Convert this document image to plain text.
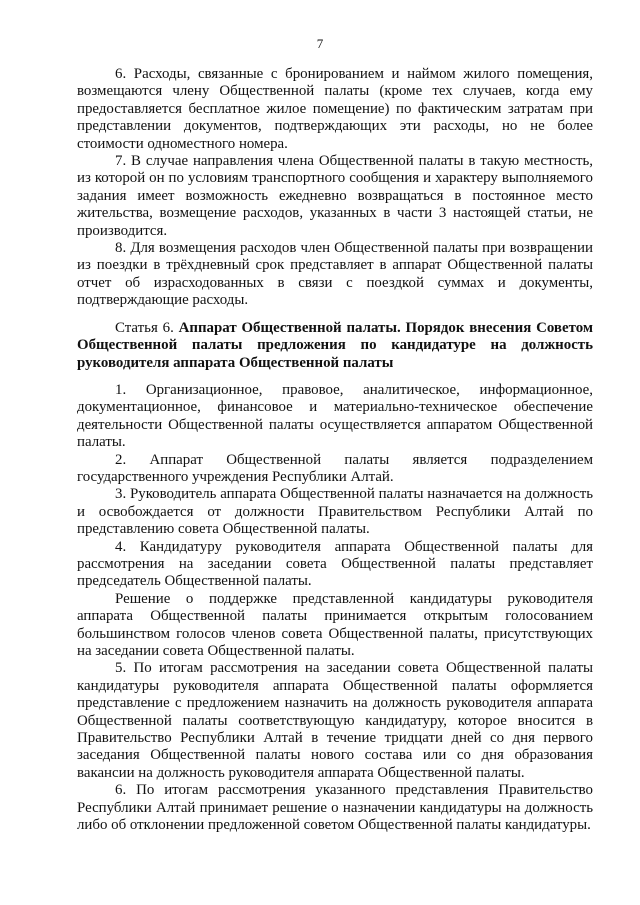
7

6. Расходы, связанные с бронированием и наймом жилого помещения, возмещаются члену Общественной палаты (кроме тех случаев, когда ему предоставляется бесплатное жилое помещение) по фактическим затратам при представлении документов, подтверждающих эти расходы, но не более стоимости одноместного номера.

7. В случае направления члена Общественной палаты в такую местность, из которой он по условиям транспортного сообщения и характеру выполняемого задания имеет возможность ежедневно возвращаться в постоянное место жительства, возмещение расходов, указанных в части 3 настоящей статьи, не производится.

8. Для возмещения расходов член Общественной палаты при возвращении из поездки в трёхдневный срок представляет в аппарат Общественной палаты отчет об израсходованных в связи с поездкой суммах и документы, подтверждающие расходы.

Статья 6. Аппарат Общественной палаты. Порядок внесения Советом Общественной палаты предложения по кандидатуре на должность руководителя аппарата Общественной палаты

1. Организационное, правовое, аналитическое, информационное, документационное, финансовое и материально-техническое обеспечение деятельности Общественной палаты осуществляется аппаратом Общественной палаты.

2. Аппарат Общественной палаты является подразделением государственного учреждения Республики Алтай.

3. Руководитель аппарата Общественной палаты назначается на должность и освобождается от должности Правительством Республики Алтай по представлению совета Общественной палаты.

4. Кандидатуру руководителя аппарата Общественной палаты для рассмотрения на заседании совета Общественной палаты представляет председатель Общественной палаты.

Решение о поддержке представленной кандидатуры руководителя аппарата Общественной палаты принимается открытым голосованием большинством голосов членов совета Общественной палаты, присутствующих на заседании совета Общественной палаты.

5. По итогам рассмотрения на заседании совета Общественной палаты кандидатуры руководителя аппарата Общественной палаты оформляется представление с предложением назначить на должность руководителя аппарата Общественной палаты соответствующую кандидатуру, которое вносится в Правительство Республики Алтай в течение тридцати дней со дня первого заседания Общественной палаты нового состава или со дня образования вакансии на должность руководителя аппарата Общественной палаты.

6. По итогам рассмотрения указанного представления Правительство Республики Алтай принимает решение о назначении кандидатуры на должность либо об отклонении предложенной советом Общественной палаты кандидатуры.
